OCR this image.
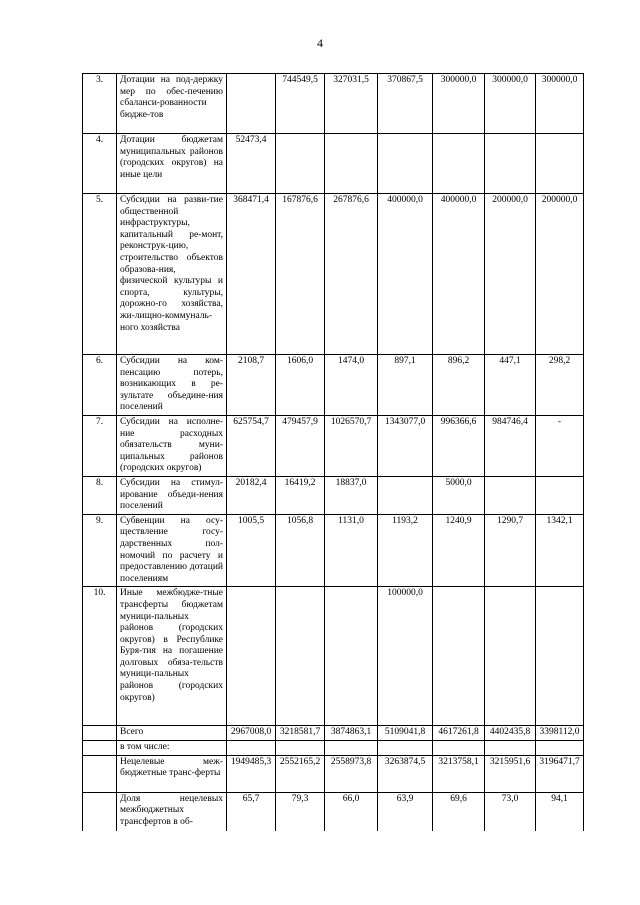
4
3.	Дотации на под-держку мер по обес-печению сбаланси-рованности бюдже-тов		744549,5	327031,5	370867,5	300000,0	300000,0	300000,0
4.	Дотации бюджетам муниципальных районов (городских округов) на иные цели	52473,4						
5.	Субсидии на разви-тие общественной инфраструктуры, капитальный ре-монт, реконструк-цию, строительство объектов образова-ния, физической культуры и спорта, культуры, дорожно-го хозяйства, жи-лищно-коммуналь-ного хозяйства	368471,4	167876,6	267876,6	400000,0	400000,0	200000,0	200000,0
6.	Субсидии на ком-пенсацию потерь, возникающих в ре-зультате объедине-ния поселений	2108,7	1606,0	1474,0	897,1	896,2	447,1	298,2
7.	Субсидии на исполне-ние расходных обязательств муни-ципальных районов (городских округов)	625754,7	479457,9	1026570,7	1343077,0	996366,6	984746,4	-
8.	Субсидии на стимул-ирование объеди-нения поселений	20182,4	16419,2	18837,0		5000,0		
9.	Субвенции на осу-ществление госу-дарственных пол-номочий по расчету и предоставлению дотаций поселениям	1005,5	1056,8	1131,0	1193,2	1240,9	1290,7	1342,1
10.	Иные межбюдже-тные трансферты бюджетам муници-пальных районов (городских округов) в Республике Буря-тия на погашение долговых обяза-тельств муници-пальных районов (городских округов)				100000,0			
	Всего	2967008,0	3218581,7	3874863,1	5109041,8	4617261,8	4402435,8	3398112,0
	в том числе:							
	Нецелевые меж-бюджетные транс-ферты	1949485,3	2552165,2	2558973,8	3263874,5	3213758,1	3215951,6	3196471,7
	Доля нецелевых межбюджетных трансфертов в об-	65,7	79,3	66,0	63,9	69,6	73,0	94,1
